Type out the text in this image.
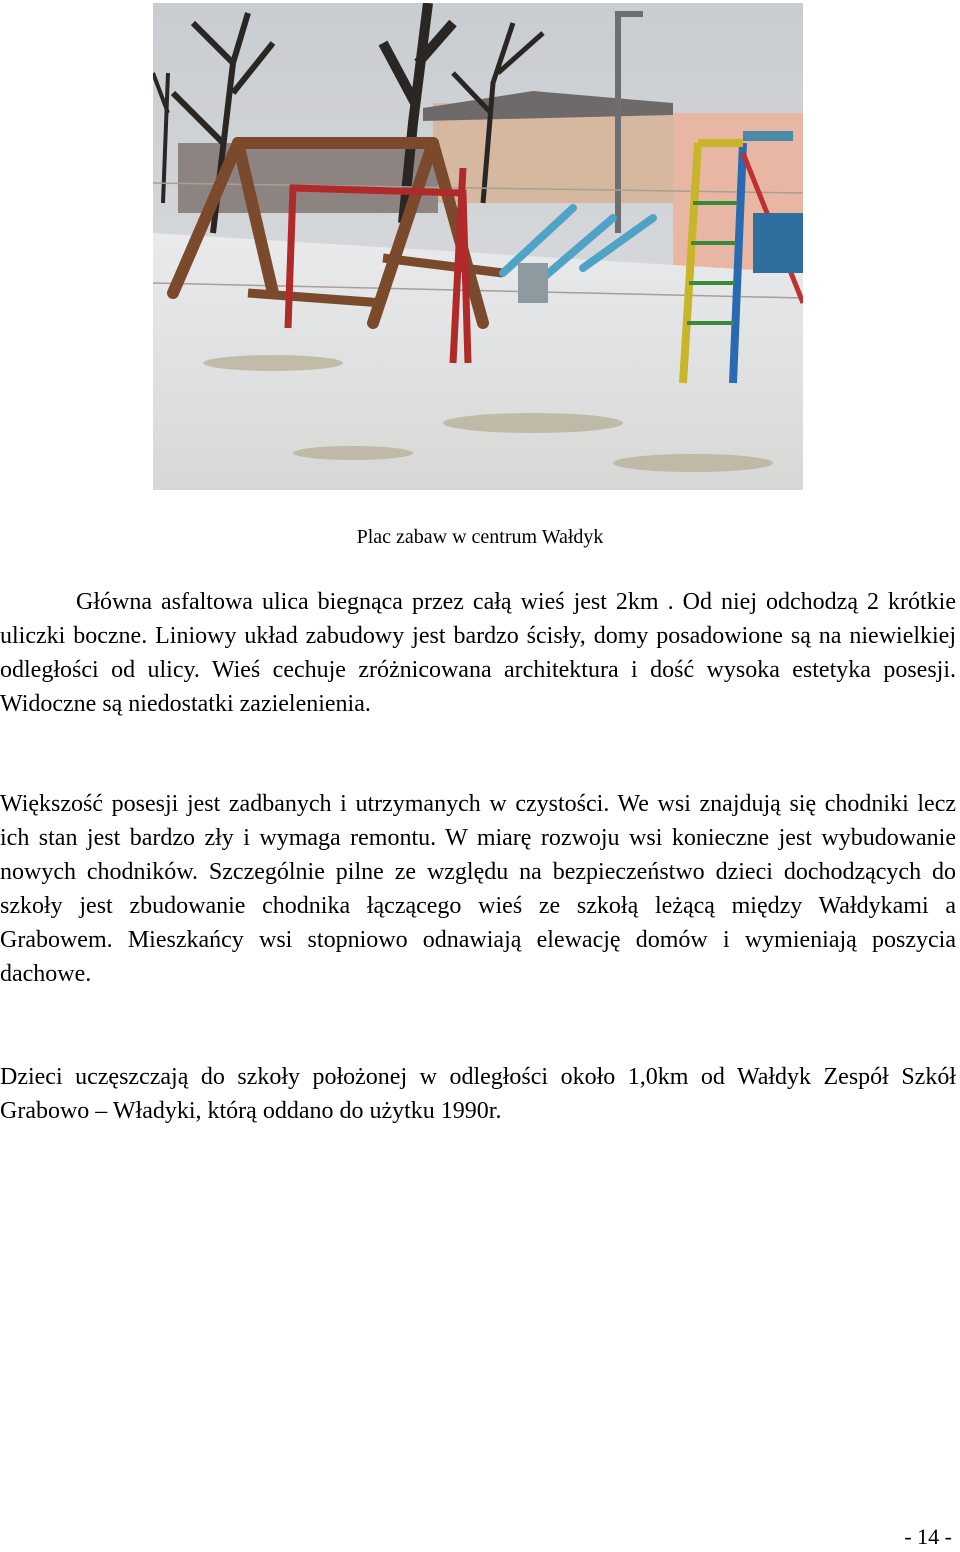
Plac zabaw w centrum Wałdyk

Główna asfaltowa ulica biegnąca przez całą wieś jest 2km . Od niej odchodzą 2 krótkie uliczki boczne. Liniowy układ zabudowy jest bardzo ścisły, domy posadowione są na niewielkiej odległości od ulicy. Wieś cechuje zróżnicowana architektura i dość wysoka estetyka posesji. Widoczne są niedostatki zazielenienia.

Większość posesji jest zadbanych i utrzymanych w czystości. We wsi znajdują się chodniki lecz ich stan jest bardzo zły i wymaga remontu. W miarę rozwoju wsi konieczne jest wybudowanie nowych chodników. Szczególnie pilne ze względu na bezpieczeństwo dzieci dochodzących do szkoły jest zbudowanie chodnika łączącego wieś ze szkołą leżącą między Wałdykami a Grabowem. Mieszkańcy wsi stopniowo odnawiają elewację domów i wymieniają poszycia dachowe.

Dzieci uczęszczają do szkoły położonej w odległości około 1,0km od Wałdyk Zespół Szkół Grabowo – Władyki, którą oddano do użytku 1990r.

- 14 -
